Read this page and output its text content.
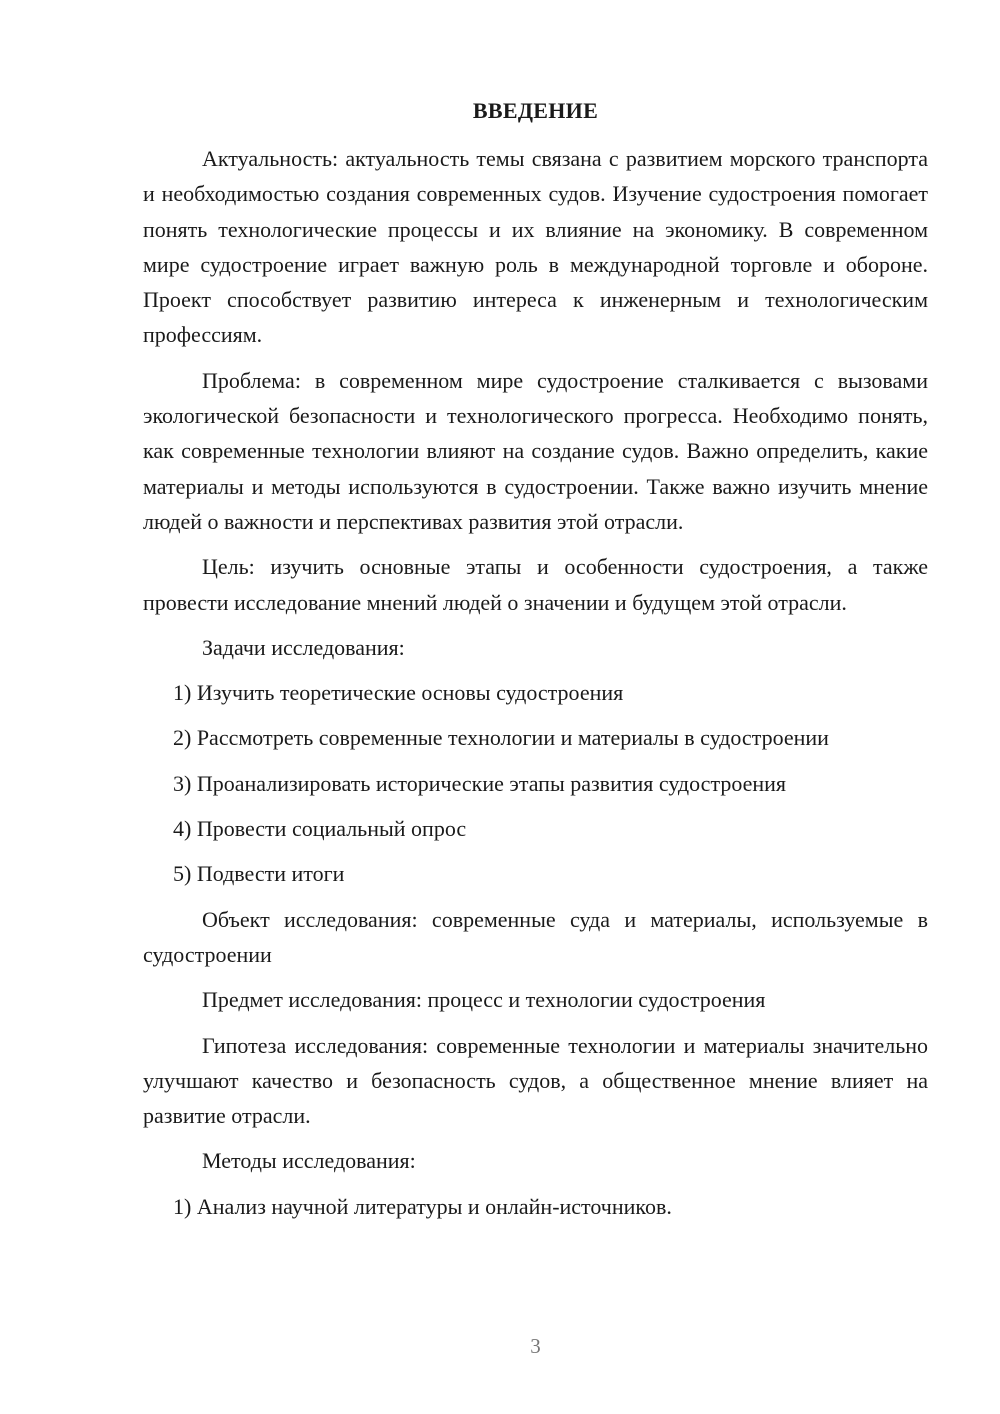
ВВЕДЕНИЕ

Актуальность: актуальность темы связана с развитием морского транспорта и необходимостью создания современных судов. Изучение судостроения помогает понять технологические процессы и их влияние на экономику. В современном мире судостроение играет важную роль в международной торговле и обороне. Проект способствует развитию интереса к инженерным и технологическим профессиям.

Проблема: в современном мире судостроение сталкивается с вызовами экологической безопасности и технологического прогресса. Необходимо понять, как современные технологии влияют на создание судов. Важно определить, какие материалы и методы используются в судостроении. Также важно изучить мнение людей о важности и перспективах развития этой отрасли.

Цель: изучить основные этапы и особенности судостроения, а также провести исследование мнений людей о значении и будущем этой отрасли.

Задачи исследования:

1) Изучить теоретические основы судостроения

2) Рассмотреть современные технологии и материалы в судостроении

3) Проанализировать исторические этапы развития судостроения

4) Провести социальный опрос

5) Подвести итоги

Объект исследования: современные суда и материалы, используемые в судостроении

Предмет исследования: процесс и технологии судостроения

Гипотеза исследования: современные технологии и материалы значительно улучшают качество и безопасность судов, а общественное мнение влияет на развитие отрасли.

Методы исследования:

1) Анализ научной литературы и онлайн-источников.

3
